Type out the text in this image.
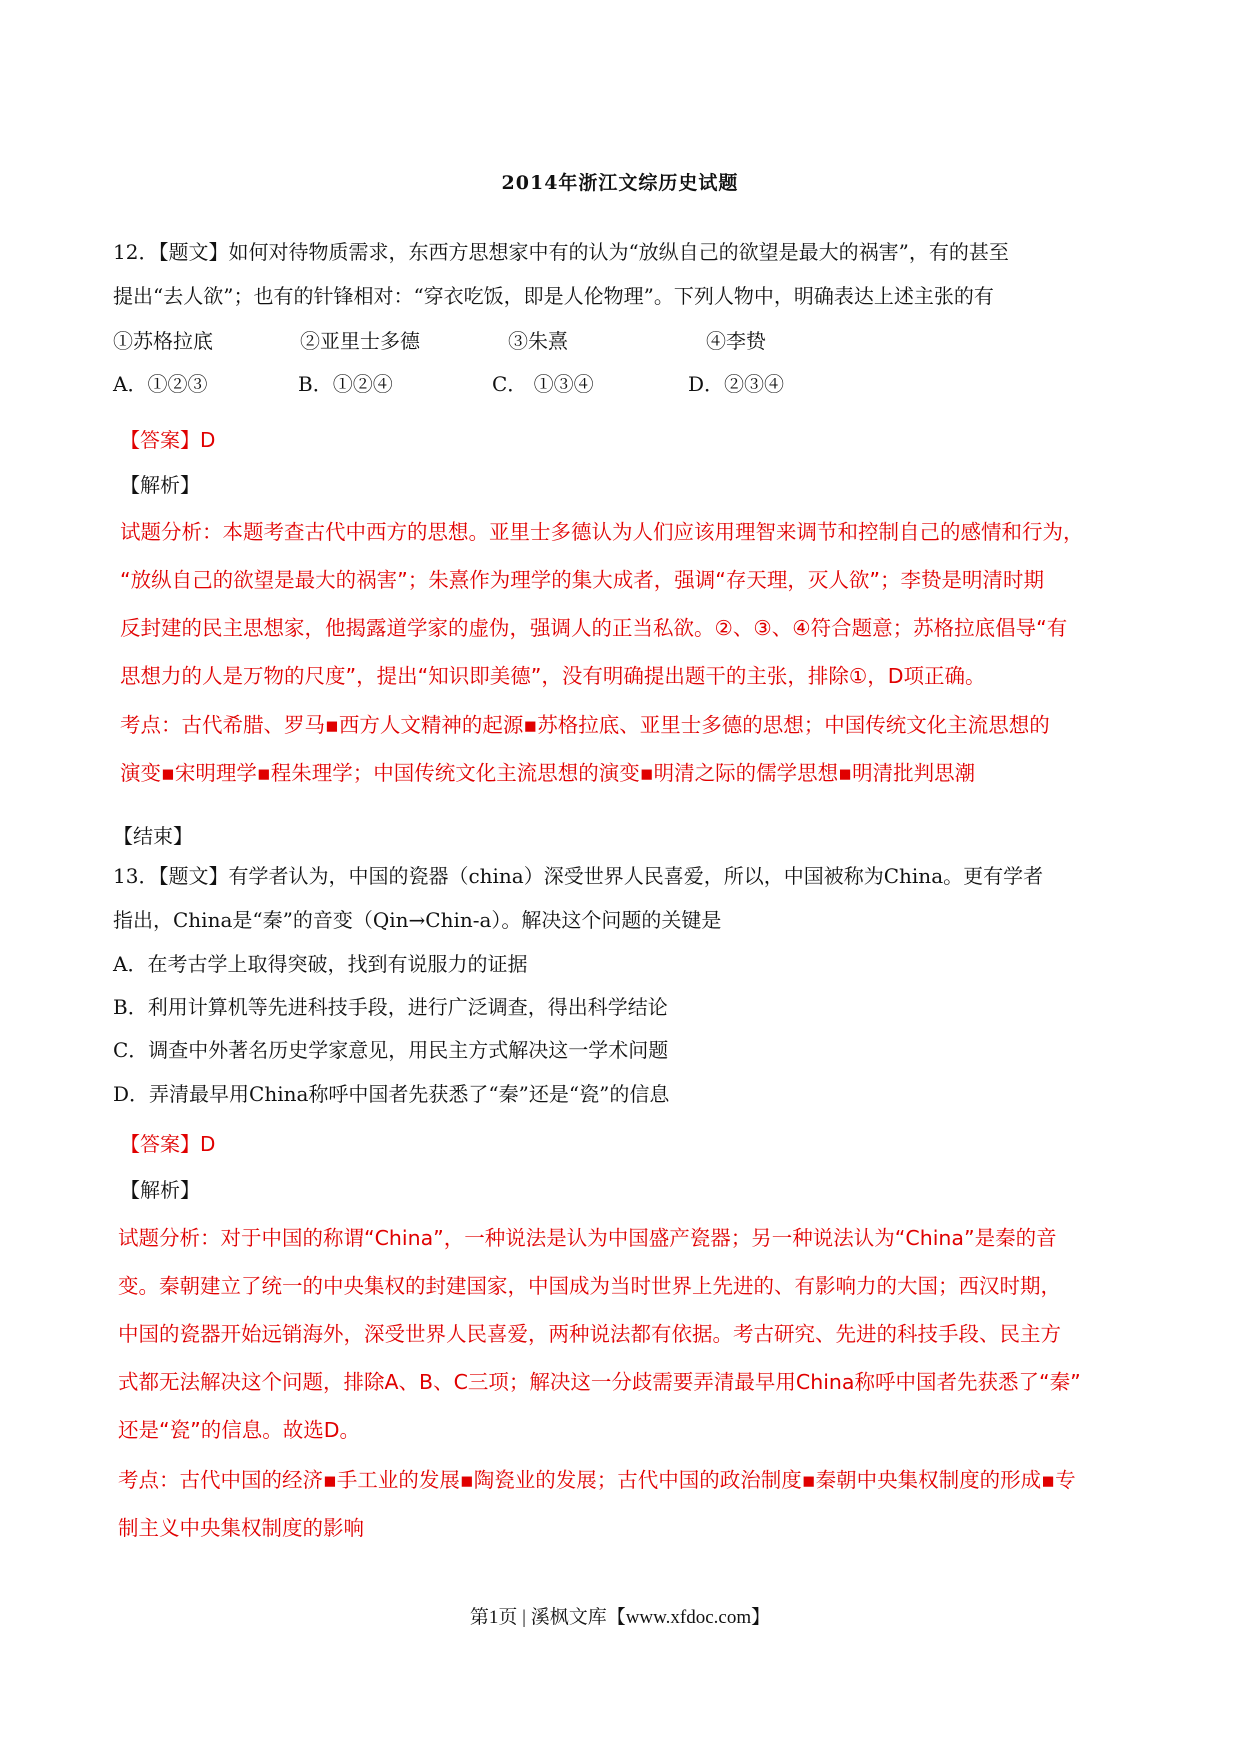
2014年浙江文综历史试题
12．【题文】如何对待物质需求，东西方思想家中有的认为“放纵自己的欲望是最大的祸害”，有的甚至
提出“去人欲”；也有的针锋相对：“穿衣吃饭，即是人伦物理”。下列人物中，明确表达上述主张的有
①苏格拉底	②亚里士多德	③朱熹	④李贽
A．①②③	B．①②④	C． ①③④	D．②③④
【答案】D
【解析】
试题分析：本题考查古代中西方的思想。亚里士多德认为人们应该用理智来调节和控制自己的感情和行为，
“放纵自己的欲望是最大的祸害”；朱熹作为理学的集大成者，强调“存天理，灭人欲”；李贽是明清时期
反封建的民主思想家，他揭露道学家的虚伪，强调人的正当私欲。②、③、④符合题意；苏格拉底倡导“有
思想力的人是万物的尺度”，提出“知识即美德”，没有明确提出题干的主张，排除①，D项正确。
考点：古代希腊、罗马▪西方人文精神的起源▪苏格拉底、亚里士多德的思想；中国传统文化主流思想的
演变▪宋明理学▪程朱理学；中国传统文化主流思想的演变▪明清之际的儒学思想▪明清批判思潮
【结束】
13．【题文】有学者认为，中国的瓷器（china）深受世界人民喜爱，所以，中国被称为China。更有学者
指出，China是“秦”的音变（Qin→Chin-a）。解决这个问题的关键是
A．在考古学上取得突破，找到有说服力的证据
B．利用计算机等先进科技手段，进行广泛调查，得出科学结论
C．调查中外著名历史学家意见，用民主方式解决这一学术问题
D．弄清最早用China称呼中国者先获悉了“秦”还是“瓷”的信息
【答案】D
【解析】
试题分析：对于中国的称谓“China”，一种说法是认为中国盛产瓷器；另一种说法认为“China”是秦的音
变。秦朝建立了统一的中央集权的封建国家，中国成为当时世界上先进的、有影响力的大国；西汉时期，
中国的瓷器开始远销海外，深受世界人民喜爱，两种说法都有依据。考古研究、先进的科技手段、民主方
式都无法解决这个问题，排除A、B、C三项；解决这一分歧需要弄清最早用China称呼中国者先获悉了“秦”
还是“瓷”的信息。故选D。
考点：古代中国的经济▪手工业的发展▪陶瓷业的发展；古代中国的政治制度▪秦朝中央集权制度的形成▪专
制主义中央集权制度的影响
第1页 | 溪枫文库【www.xfdoc.com】
